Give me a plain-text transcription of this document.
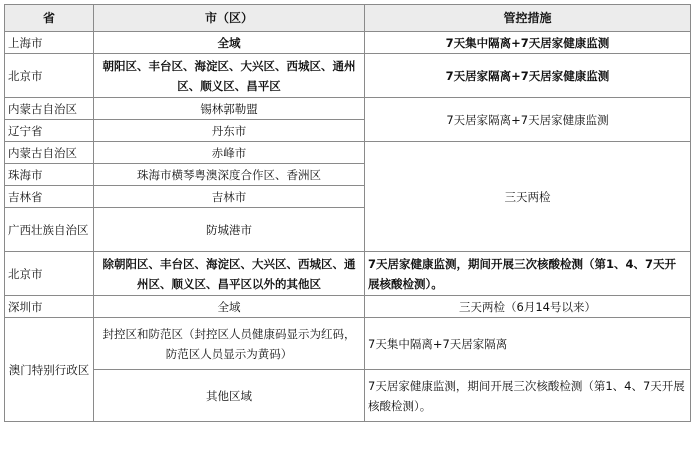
省	市（区）	管控措施
上海市	全域	7天集中隔离+7天居家健康监测
北京市	朝阳区、丰台区、海淀区、大兴区、西城区、通州区、顺义区、昌平区	7天居家隔离+7天居家健康监测
内蒙古自治区	锡林郭勒盟	7天居家隔离+7天居家健康监测
辽宁省	丹东市	
内蒙古自治区	赤峰市	三天两检
珠海市	珠海市横琴粤澳深度合作区、香洲区	
吉林省	吉林市	
广西壮族自治区	防城港市	
北京市	除朝阳区、丰台区、海淀区、大兴区、西城区、通州区、顺义区、昌平区以外的其他区	7天居家健康监测，期间开展三次核酸检测（第1、4、7天开展核酸检测）。
深圳市	全域	三天两检（6月14号以来）
澳门特别行政区	封控区和防范区（封控区人员健康码显示为红码，防范区人员显示为黄码）	7天集中隔离+7天居家隔离
	其他区域	7天居家健康监测，期间开展三次核酸检测（第1、4、7天开展核酸检测）。
